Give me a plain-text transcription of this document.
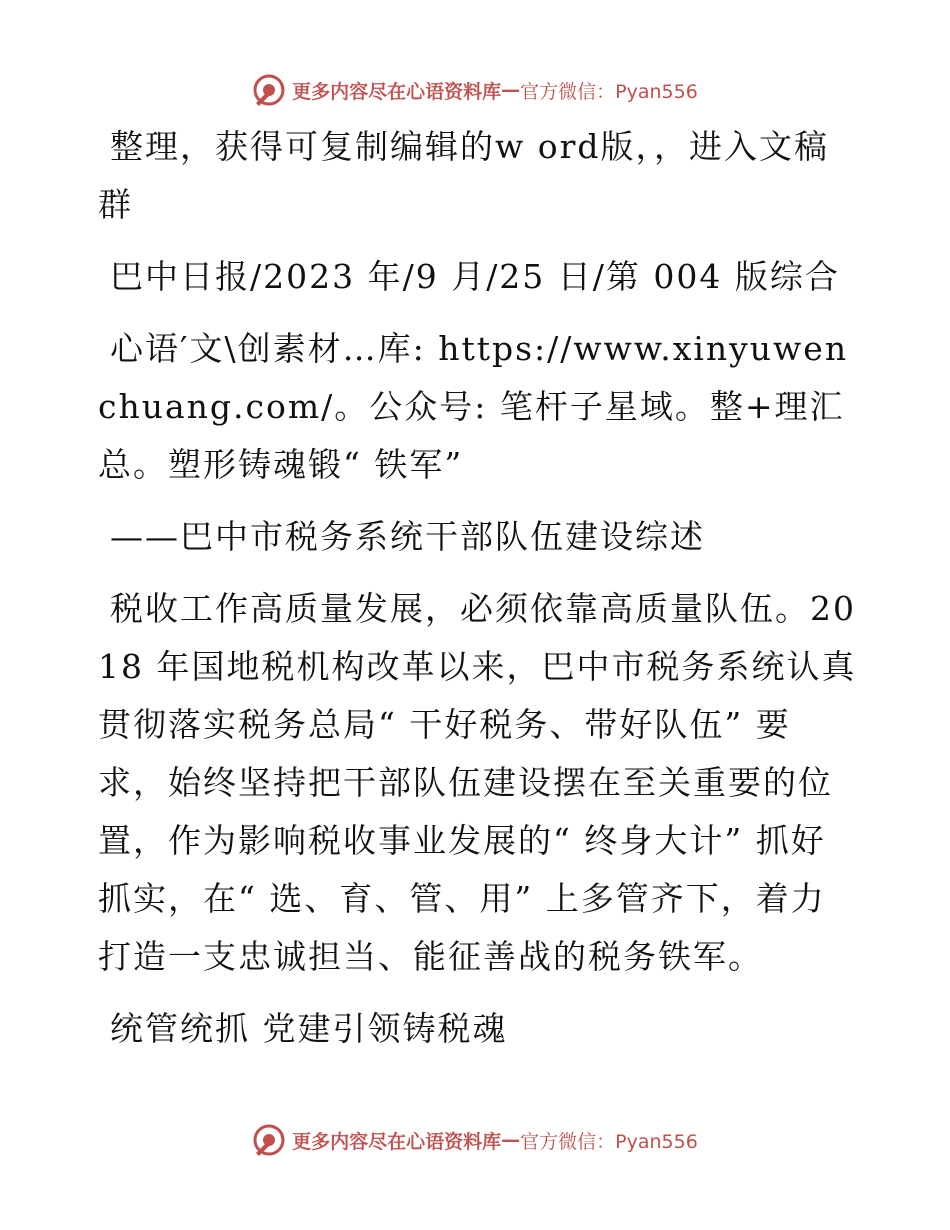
更多内容尽在心语资料库 — 官方微信：Pyan556

整理，获得可复制编辑的w ord版，，进入文稿群

巴中日报/2023 年/9 月/25 日/第 004 版综合

心语′文\创素材…库: https://www.xinyuwenchuang.com/。公众号: 笔杆子星域。整+理汇总。塑形铸魂锻“ 铁军”

——巴中市税务系统干部队伍建设综述

税收工作高质量发展，必须依靠高质量队伍。2018 年国地税机构改革以来，巴中市税务系统认真贯彻落实税务总局“ 干好税务、带好队伍” 要求，始终坚持把干部队伍建设摆在至关重要的位置，作为影响税收事业发展的“ 终身大计” 抓好抓实，在“ 选、育、管、用” 上多管齐下，着力打造一支忠诚担当、能征善战的税务铁军。

统管统抓 党建引领铸税魂

更多内容尽在心语资料库 — 官方微信：Pyan556
